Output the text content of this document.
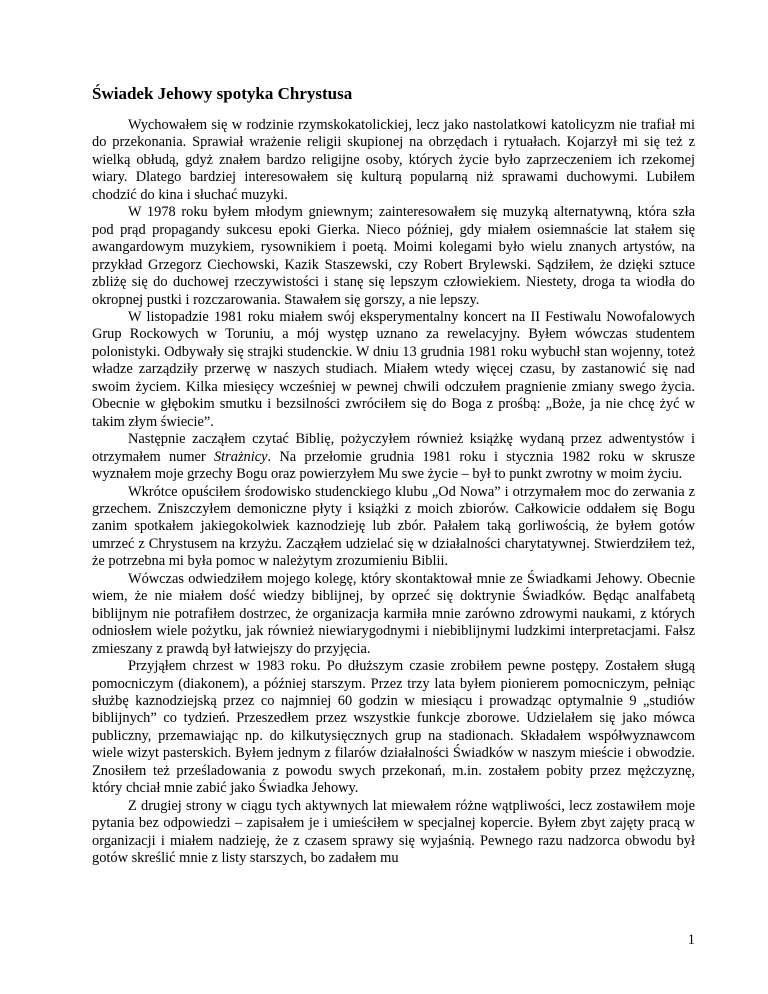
Świadek Jehowy spotyka Chrystusa

Wychowałem się w rodzinie rzymskokatolickiej, lecz jako nastolatkowi katolicyzm nie trafiał mi do przekonania. Sprawiał wrażenie religii skupionej na obrzędach i rytuałach. Kojarzył mi się też z wielką obłudą, gdyż znałem bardzo religijne osoby, których życie było zaprzeczeniem ich rzekomej wiary. Dlatego bardziej interesowałem się kulturą popularną niż sprawami duchowymi. Lubiłem chodzić do kina i słuchać muzyki.

W 1978 roku byłem młodym gniewnym; zainteresowałem się muzyką alternatywną, która szła pod prąd propagandy sukcesu epoki Gierka. Nieco później, gdy miałem osiemnaście lat stałem się awangardowym muzykiem, rysownikiem i poetą. Moimi kolegami było wielu znanych artystów, na przykład Grzegorz Ciechowski, Kazik Staszewski, czy Robert Brylewski. Sądziłem, że dzięki sztuce zbliżę się do duchowej rzeczywistości i stanę się lepszym człowiekiem. Niestety, droga ta wiodła do okropnej pustki i rozczarowania. Stawałem się gorszy, a nie lepszy.

W listopadzie 1981 roku miałem swój eksperymentalny koncert na II Festiwalu Nowofalowych Grup Rockowych w Toruniu, a mój występ uznano za rewelacyjny. Byłem wówczas studentem polonistyki. Odbywały się strajki studenckie. W dniu 13 grudnia 1981 roku wybuchł stan wojenny, toteż władze zarządziły przerwę w naszych studiach. Miałem wtedy więcej czasu, by zastanowić się nad swoim życiem. Kilka miesięcy wcześniej w pewnej chwili odczułem pragnienie zmiany swego życia. Obecnie w głębokim smutku i bezsilności zwróciłem się do Boga z prośbą: „Boże, ja nie chcę żyć w takim złym świecie”.

Następnie zacząłem czytać Biblię, pożyczyłem również książkę wydaną przez adwentystów i otrzymałem numer Strażnicy. Na przełomie grudnia 1981 roku i stycznia 1982 roku w skrusze wyznałem moje grzechy Bogu oraz powierzyłem Mu swe życie – był to punkt zwrotny w moim życiu.

Wkrótce opuściłem środowisko studenckiego klubu „Od Nowa” i otrzymałem moc do zerwania z grzechem. Zniszczyłem demoniczne płyty i książki z moich zbiorów. Całkowicie oddałem się Bogu zanim spotkałem jakiegokolwiek kaznodzieję lub zbór. Pałałem taką gorliwością, że byłem gotów umrzeć z Chrystusem na krzyżu. Zacząłem udzielać się w działalności charytatywnej. Stwierdziłem też, że potrzebna mi była pomoc w należytym zrozumieniu Biblii.

Wówczas odwiedziłem mojego kolegę, który skontaktował mnie ze Świadkami Jehowy. Obecnie wiem, że nie miałem dość wiedzy biblijnej, by oprzeć się doktrynie Świadków. Będąc analfabetą biblijnym nie potrafiłem dostrzec, że organizacja karmiła mnie zarówno zdrowymi naukami, z których odniosłem wiele pożytku, jak również niewiarygodnymi i niebiblijnymi ludzkimi interpretacjami. Fałsz zmieszany z prawdą był łatwiejszy do przyjęcia.

Przyjąłem chrzest w 1983 roku. Po dłuższym czasie zrobiłem pewne postępy. Zostałem sługą pomocniczym (diakonem), a później starszym. Przez trzy lata byłem pionierem pomocniczym, pełniąc służbę kaznodziejską przez co najmniej 60 godzin w miesiącu i prowadząc optymalnie 9 „studiów biblijnych” co tydzień. Przeszedłem przez wszystkie funkcje zborowe. Udzielałem się jako mówca publiczny, przemawiając np. do kilkutysięcznych grup na stadionach. Składałem współwyznawcom wiele wizyt pasterskich. Byłem jednym z filarów działalności Świadków w naszym mieście i obwodzie. Znosiłem też prześladowania z powodu swych przekonań, m.in. zostałem pobity przez mężczyznę, który chciał mnie zabić jako Świadka Jehowy.

Z drugiej strony w ciągu tych aktywnych lat miewałem różne wątpliwości, lecz zostawiłem moje pytania bez odpowiedzi – zapisałem je i umieściłem w specjalnej kopercie. Byłem zbyt zajęty pracą w organizacji i miałem nadzieję, że z czasem sprawy się wyjaśnią. Pewnego razu nadzorca obwodu był gotów skreślić mnie z listy starszych, bo zadałem mu

1
